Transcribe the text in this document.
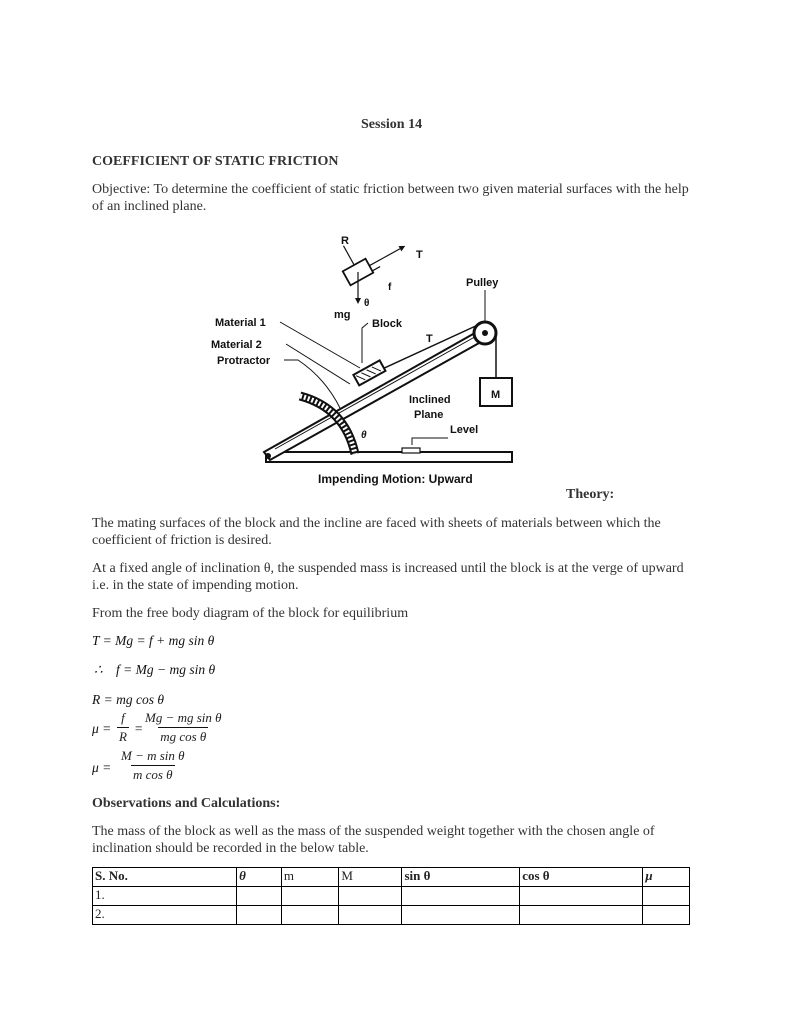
Session 14
COEFFICIENT OF STATIC FRICTION
Objective: To determine the coefficient of static friction between two given material surfaces with the help of an inclined plane.
M
R
T
f
mg
θ
Block
T
Pulley
Material 1
Material 2
Protractor
Inclined
Plane
Level
θ
Impending Motion: Upward
Theory:
The mating surfaces of the block and the incline are faced with sheets of materials between which the coefficient of friction is desired.
At a fixed angle of inclination θ, the suspended mass is increased until the block is at the verge of upward i.e. in the state of impending motion.
From the free body diagram of the block for equilibrium
T = Mg = f + mg sin θ
∴ f = Mg − mg sin θ
R = mg cos θ
$\mu = \frac{f}{R} = \frac{\text{Mg − mg sin θ}}{\text{mg cos θ}}$
$\mu = \frac{\text{M − m sin θ}}{\text{m cos θ}}$
Observations and Calculations:
The mass of the block as well as the mass of the suspended weight together with the chosen angle of inclination should be recorded in the below table.
S. No.	θ	m	M	sin θ	cos θ	μ
1.						
2.						
